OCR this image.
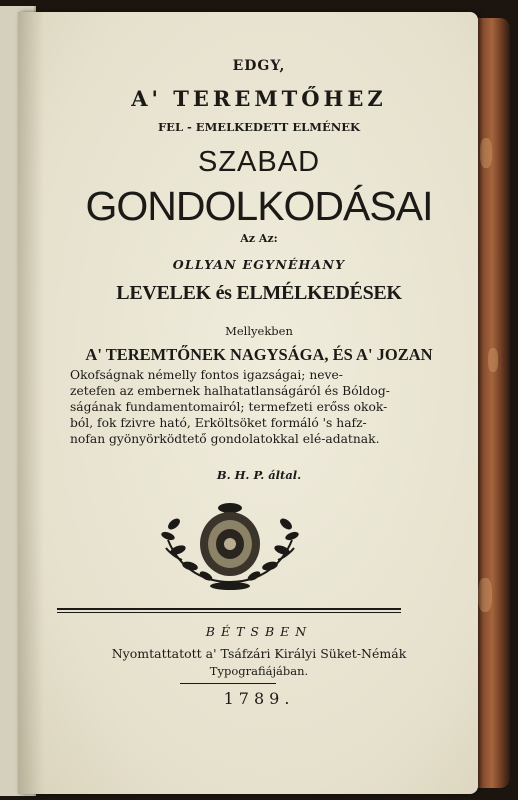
EDGY,
A' TEREMTŐHEZ
FEL - EMELKEDETT ELMÉNEK
SZABAD
GONDOLKODÁSAI
Az Az:
OLLYAN EGYNÉHANY
LEVELEK és ELMÉLKEDÉSEK
Mellyekben
A' TEREMTŐNEK NAGYSÁGA, ÉS A' JOZAN
Okofságnak némelly fontos igazságai; neve-
zetefen az embernek halhatatlanságáról és Bóldog-
ságának fundamentomairól; termefzeti erőss okok-
ból, fok fzivre ható, Erköltsöket formáló 's hafz-
nofan gyönyörködtető gondolatokkal elé-adatnak.
B. H. P. által.
BÉTSBEN
Nyomtattatott a' Tsáfzári Királyi Süket-Némák
Typografiájában.
1789.
